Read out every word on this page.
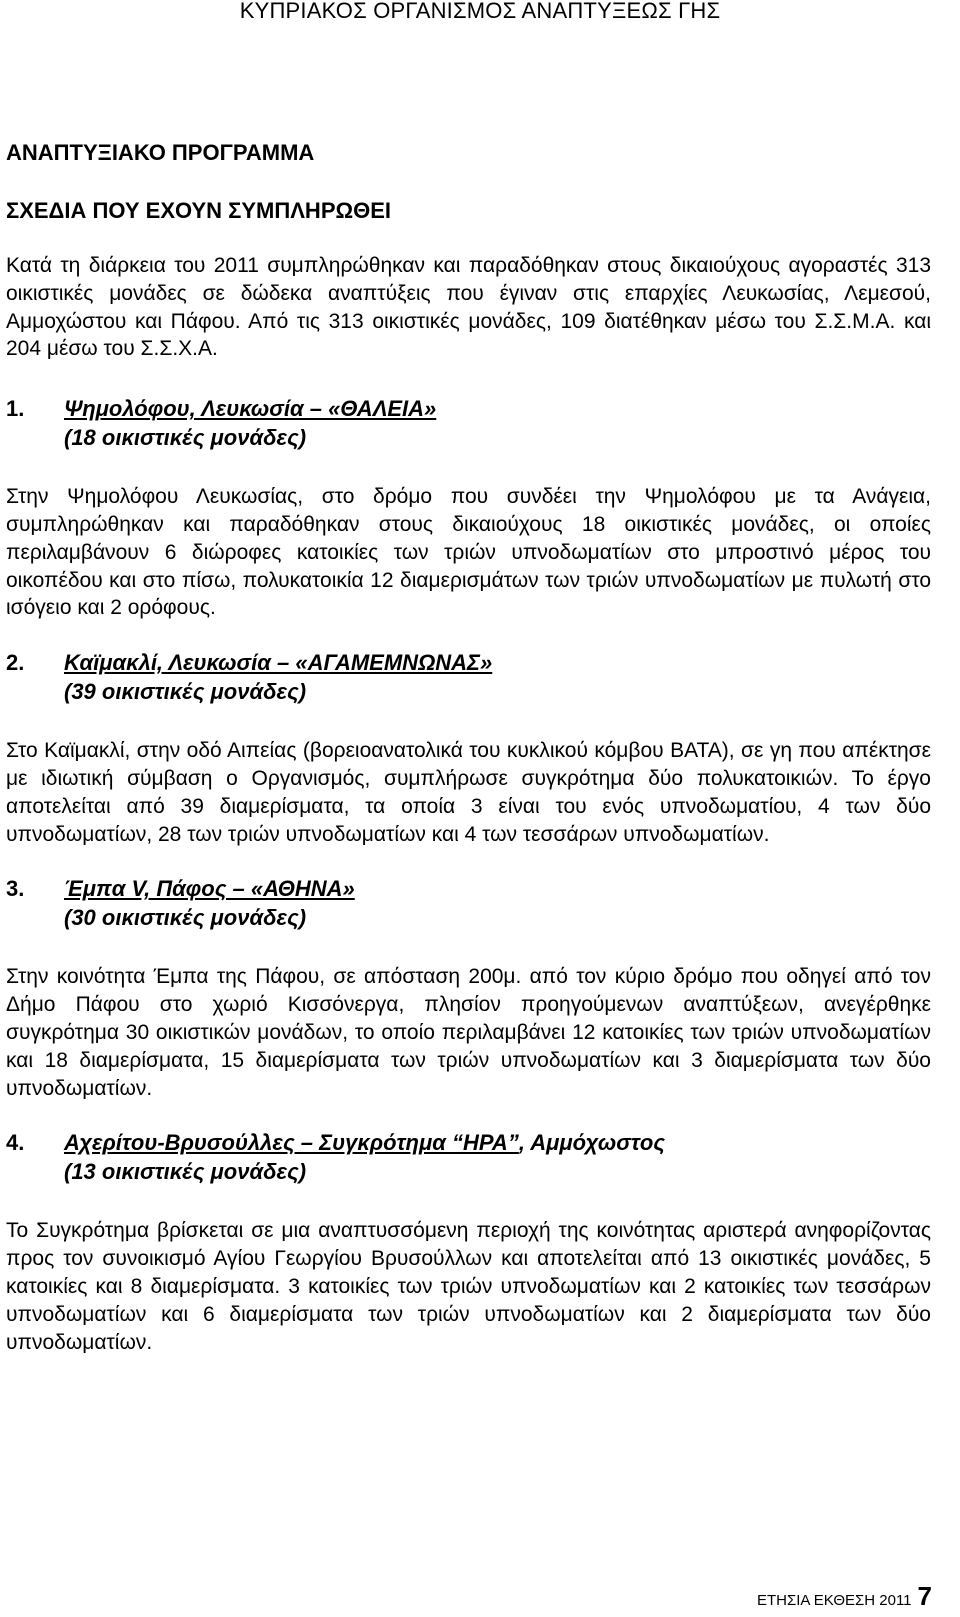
ΚΥΠΡΙΑΚΟΣ ΟΡΓΑΝΙΣΜΟΣ ΑΝΑΠΤΥΞΕΩΣ ΓΗΣ
ΑΝΑΠΤΥΞΙΑΚΟ ΠΡΟΓΡΑΜΜΑ
ΣΧΕΔΙΑ ΠΟΥ ΕΧΟΥΝ ΣΥΜΠΛΗΡΩΘΕΙ

Κατά τη διάρκεια του 2011 συμπληρώθηκαν και παραδόθηκαν στους δικαιούχους αγοραστές 313 οικιστικές μονάδες σε δώδεκα αναπτύξεις που έγιναν στις επαρχίες Λευκωσίας, Λεμεσού, Αμμοχώστου και Πάφου. Από τις 313 οικιστικές μονάδες, 109 διατέθηκαν μέσω του Σ.Σ.Μ.Α. και 204 μέσω του Σ.Σ.Χ.Α.

1. Ψημολόφου, Λευκωσία – «ΘΑΛΕΙΑ»

(18 οικιστικές μονάδες)

Στην Ψημολόφου Λευκωσίας, στο δρόμο που συνδέει την Ψημολόφου με τα Ανάγεια, συμπληρώθηκαν και παραδόθηκαν στους δικαιούχους 18 οικιστικές μονάδες, οι οποίες περιλαμβάνουν 6 διώροφες κατοικίες των τριών υπνοδωματίων στο μπροστινό μέρος του οικοπέδου και στο πίσω, πολυκατοικία 12 διαμερισμάτων των τριών υπνοδωματίων με πυλωτή στο ισόγειο και 2 ορόφους.

2. Καϊμακλί, Λευκωσία – «ΑΓΑΜΕΜΝΩΝΑΣ»

(39 οικιστικές μονάδες)

Στο Καϊμακλί, στην οδό Αιπείας (βορειοανατολικά του κυκλικού κόμβου ΒΑΤΑ), σε γη που απέκτησε με ιδιωτική σύμβαση ο Οργανισμός, συμπλήρωσε συγκρότημα δύο πολυκατοικιών. Το έργο αποτελείται από 39 διαμερίσματα, τα οποία 3 είναι του ενός υπνοδωματίου, 4 των δύο υπνοδωματίων, 28 των τριών υπνοδωματίων και 4 των τεσσάρων υπνοδωματίων.

3. Έμπα V, Πάφος – «ΑΘΗΝΑ»

(30 οικιστικές μονάδες)

Στην κοινότητα Έμπα της Πάφου, σε απόσταση 200μ. από τον κύριο δρόμο που οδηγεί από τον Δήμο Πάφου στο χωριό Κισσόνεργα, πλησίον προηγούμενων αναπτύξεων, ανεγέρθηκε συγκρότημα 30 οικιστικών μονάδων, το οποίο περιλαμβάνει 12 κατοικίες των τριών υπνοδωματίων και 18 διαμερίσματα, 15 διαμερίσματα των τριών υπνοδωματίων και 3 διαμερίσματα των δύο υπνοδωματίων.

4. Αχερίτου-Βρυσούλλες – Συγκρότημα “ΗΡΑ”, Αμμόχωστος

(13 οικιστικές μονάδες)

Το Συγκρότημα βρίσκεται σε μια αναπτυσσόμενη περιοχή της κοινότητας αριστερά ανηφορίζοντας προς τον συνοικισμό Αγίου Γεωργίου Βρυσούλλων και αποτελείται από 13 οικιστικές μονάδες, 5 κατοικίες και 8 διαμερίσματα. 3 κατοικίες των τριών υπνοδωματίων και 2 κατοικίες των τεσσάρων υπνοδωματίων και 6 διαμερίσματα των τριών υπνοδωματίων και 2 διαμερίσματα των δύο υπνοδωματίων.

ΕΤΗΣΙΑ ΕΚΘΕΣΗ 2011 7
